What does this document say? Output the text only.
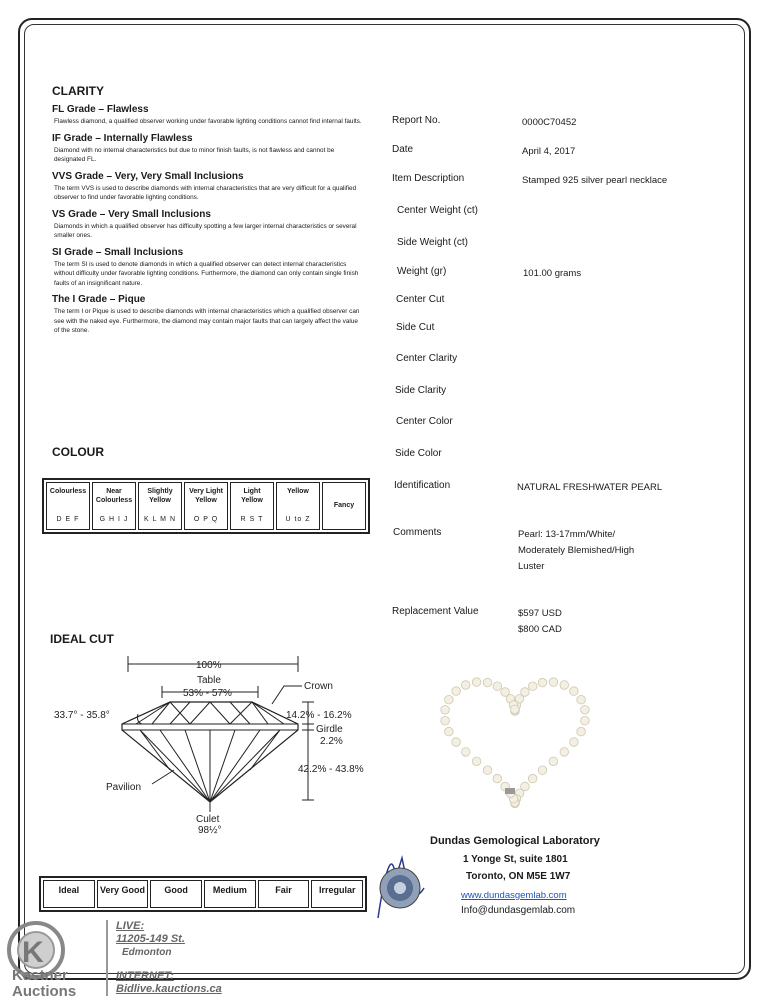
CLARITY

FL Grade – Flawless

Flawless diamond, a qualified observer working under favorable lighting conditions cannot find internal faults.

IF Grade – Internally Flawless

Diamond with no internal characteristics but due to minor finish faults, is not flawless and cannot be designated FL.

VVS Grade – Very, Very Small Inclusions

The term VVS is used to describe diamonds with internal characteristics that are very difficult for a qualified observer to find under favorable lighting conditions.

VS Grade – Very Small Inclusions

Diamonds in which a qualified observer has difficulty spotting a few larger internal characteristics or several smaller ones.

SI Grade – Small Inclusions

The term SI is used to denote diamonds in which a qualified observer can detect internal characteristics without difficulty under favorable lighting conditions. Furthermore, the diamond can only contain single finish faults of an insignificant nature.

The I Grade – Pique

The term I or Pique is used to describe diamonds with internal characteristics which a qualified observer can see with the naked eye. Furthermore, the diamond may contain major faults that can largely affect the value of the stone.

Report No.	0000C70452
Date	April 4, 2017
Item Description	Stamped 925 silver pearl necklace
Center Weight (ct)
Side Weight (ct)
Weight (gr)	101.00 grams
Center Cut
Side Cut
Center Clarity
Side Clarity
Center Color
Side Color
Identification	NATURAL FRESHWATER PEARL
Comments	Pearl: 13-17mm/White/
Moderately Blemished/High
Luster
Replacement Value	$597 USD
$800 CAD

COLOUR

Colourless
D E F
Near Colourless
G H I J
Slightly Yellow
K L M N
Very Light Yellow
O P Q
Light Yellow
R S T
Yellow
U to Z
Fancy

IDEAL CUT

100%
Table
53% - 57%
Crown
33.7° - 35.8°	14.2% - 16.2%
Girdle
2.2%
42.2% - 43.8%
Pavilion
Culet
98½°
Ideal	Very Good	Good	Medium	Fair	Irregular
Dundas Gemological Laboratory
1 Yonge St, suite 1801
Toronto, ON M5E 1W7
www.dundasgemlab.com
Info@dundasgemlab.com
K
Kastner
Auctions
LIVE:
11205-149 St.
Edmonton
INTERNET:
Bidlive.kauctions.ca
